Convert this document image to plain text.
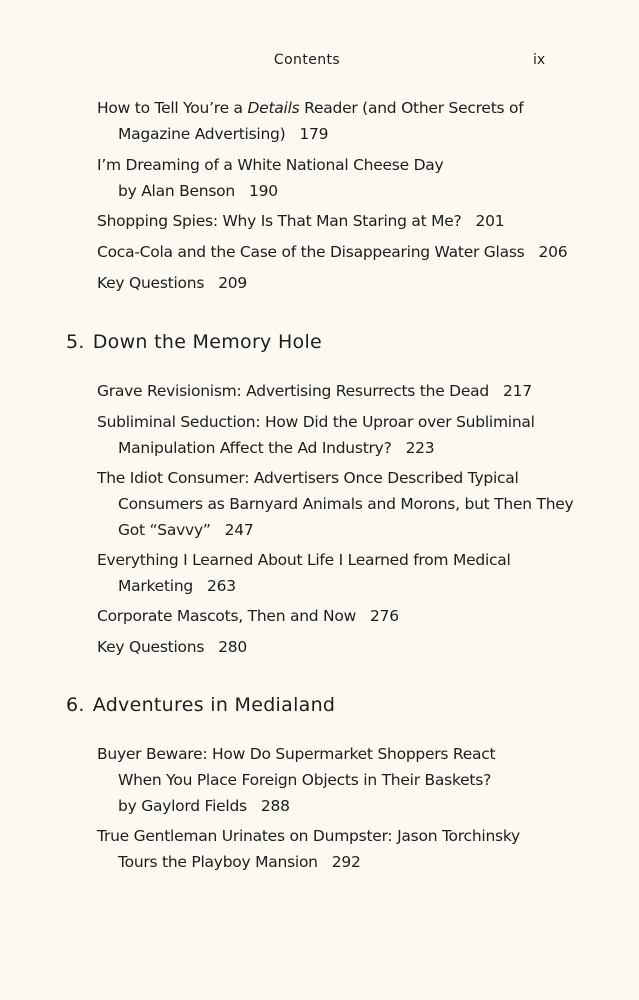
Contents	ix
How to Tell You’re a Details Reader (and Other Secrets of
Magazine Advertising) 179
I’m Dreaming of a White National Cheese Day
by Alan Benson 190
Shopping Spies: Why Is That Man Staring at Me? 201
Coca-Cola and the Case of the Disappearing Water Glass 206
Key Questions 209
5. Down the Memory Hole
Grave Revisionism: Advertising Resurrects the Dead 217
Subliminal Seduction: How Did the Uproar over Subliminal
Manipulation Affect the Ad Industry? 223
The Idiot Consumer: Advertisers Once Described Typical
Consumers as Barnyard Animals and Morons, but Then They
Got “Savvy” 247
Everything I Learned About Life I Learned from Medical
Marketing 263
Corporate Mascots, Then and Now 276
Key Questions 280
6. Adventures in Medialand
Buyer Beware: How Do Supermarket Shoppers React
When You Place Foreign Objects in Their Baskets?
by Gaylord Fields 288
True Gentleman Urinates on Dumpster: Jason Torchinsky
Tours the Playboy Mansion 292
